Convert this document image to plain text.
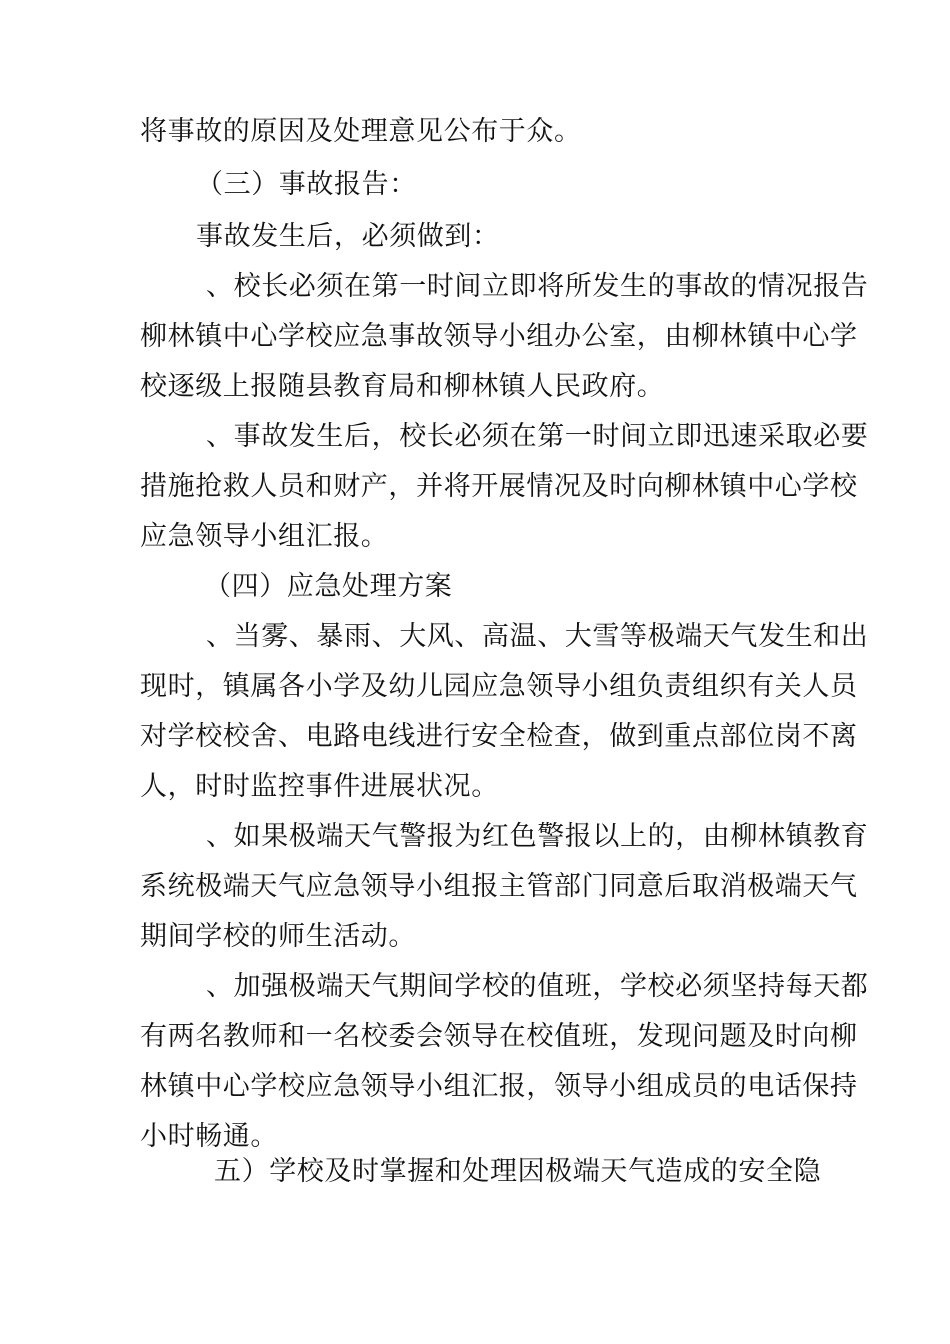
将事故的原因及处理意见公布于众。
（三）事故报告：
事故发生后，必须做到：
、校长必须在第一时间立即将所发生的事故的情况报告
柳林镇中心学校应急事故领导小组办公室，由柳林镇中心学
校逐级上报随县教育局和柳林镇人民政府。
、事故发生后，校长必须在第一时间立即迅速采取必要
措施抢救人员和财产，并将开展情况及时向柳林镇中心学校
应急领导小组汇报。
（四）应急处理方案
、当雾、暴雨、大风、高温、大雪等极端天气发生和出
现时，镇属各小学及幼儿园应急领导小组负责组织有关人员
对学校校舍、电路电线进行安全检查，做到重点部位岗不离
人，时时监控事件进展状况。
、如果极端天气警报为红色警报以上的，由柳林镇教育
系统极端天气应急领导小组报主管部门同意后取消极端天气
期间学校的师生活动。
、加强极端天气期间学校的值班，学校必须坚持每天都
有两名教师和一名校委会领导在校值班，发现问题及时向柳
林镇中心学校应急领导小组汇报，领导小组成员的电话保持
小时畅通。
五）学校及时掌握和处理因极端天气造成的安全隐
